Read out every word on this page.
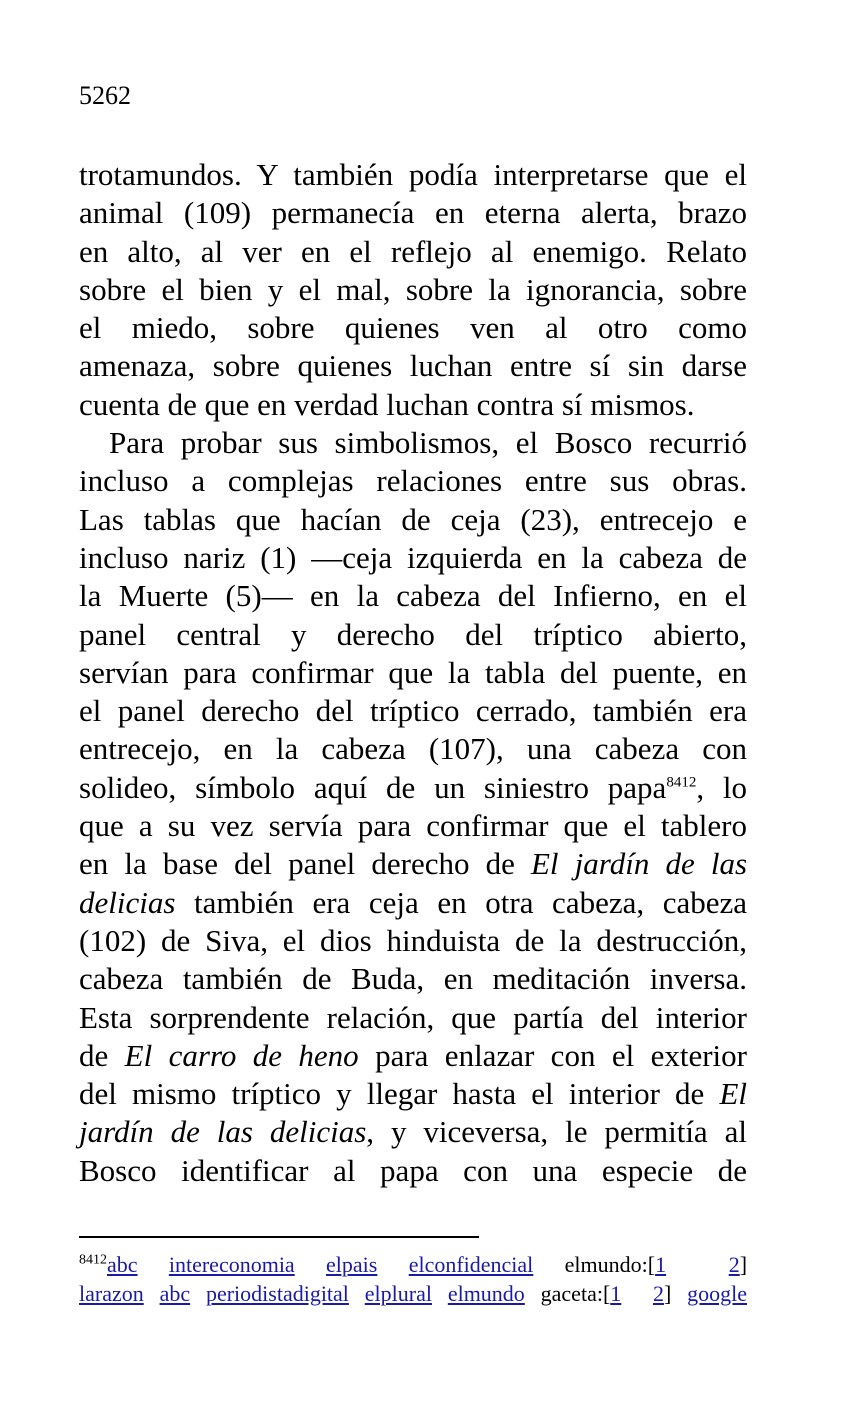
5262
trotamundos. Y también podía interpretarse que el
animal (109) permanecía en eterna alerta, brazo
en alto, al ver en el reflejo al enemigo. Relato
sobre el bien y el mal, sobre la ignorancia, sobre
el miedo, sobre quienes ven al otro como
amenaza, sobre quienes luchan entre sí sin darse
cuenta de que en verdad luchan contra sí mismos.
Para probar sus simbolismos, el Bosco recurrió
incluso a complejas relaciones entre sus obras.
Las tablas que hacían de ceja (23), entrecejo e
incluso nariz (1) ―ceja izquierda en la cabeza de
la Muerte (5)― en la cabeza del Infierno, en el
panel central y derecho del tríptico abierto,
servían para confirmar que la tabla del puente, en
el panel derecho del tríptico cerrado, también era
entrecejo, en la cabeza (107), una cabeza con
solideo, símbolo aquí de un siniestro papa$^{8412}$, lo
que a su vez servía para confirmar que el tablero
en la base del panel derecho de El jardín de las
delicias también era ceja en otra cabeza, cabeza
(102) de Siva, el dios hinduista de la destrucción,
cabeza también de Buda, en meditación inversa.
Esta sorprendente relación, que partía del interior
de El carro de heno para enlazar con el exterior
del mismo tríptico y llegar hasta el interior de El
jardín de las delicias, y viceversa, le permitía al
Bosco identificar al papa con una especie de
$^{8412}$abc intereconomia elpais elconfidencial elmundo:[1	2]
larazon abc periodistadigital elplural elmundo gaceta:[1 2] google
